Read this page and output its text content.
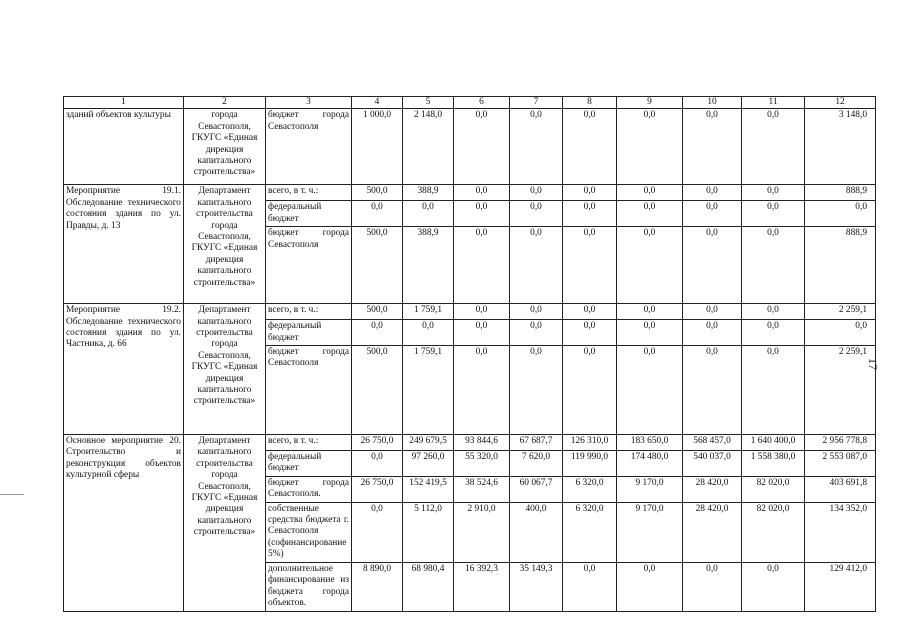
17
1	2	3	4	5	6	7	8	9	10	11	12
зданий объектов культуры	города Севастополя, ГКУГС «Единая дирекция капитального строительства»	бюджет города Севастополя	1 000,0	2 148,0	0,0	0,0	0,0	0,0	0,0	0,0	3 148,0
Мероприятие 19.1. Обследование технического состояния здания по ул. Правды, д. 13	Департамент капитального строительства города Севастополя, ГКУГС «Единая дирекция капитального строительства»	всего, в т. ч.:	500,0	388,9	0,0	0,0	0,0	0,0	0,0	0,0	888,9
		федеральный бюджет	0,0	0,0	0,0	0,0	0,0	0,0	0,0	0,0	0,0
		бюджет города Севастополя	500,0	388,9	0,0	0,0	0,0	0,0	0,0	0,0	888,9
Мероприятие 19.2. Обследование технического состояния здания по ул. Частника, д. 66	Департамент капитального строительства города Севастополя, ГКУГС «Единая дирекция капитального строительства»	всего, в т. ч.:	500,0	1 759,1	0,0	0,0	0,0	0,0	0,0	0,0	2 259,1
		федеральный бюджет	0,0	0,0	0,0	0,0	0,0	0,0	0,0	0,0	0,0
		бюджет города Севастополя	500,0	1 759,1	0,0	0,0	0,0	0,0	0,0	0,0	2 259,1
Основное мероприятие 20. Строительство и реконструкция объектов культурной сферы	Департамент капитального строительства города Севастополя, ГКУГС «Единая дирекция капитального строительства»	всего, в т. ч.:	26 750,0	249 679,5	93 844,6	67 687,7	126 310,0	183 650,0	568 457,0	1 640 400,0	2 956 778,8
		федеральный бюджет	0,0	97 260,0	55 320,0	7 620,0	119 990,0	174 480,0	540 037,0	1 558 380,0	2 553 087,0
		бюджет города Севастополя.	26 750,0	152 419,5	38 524,6	60 067,7	6 320,0	9 170,0	28 420,0	82 020,0	403 691,8
		собственные средства бюджета г. Севастополя (софинансирование 5%)	0,0	5 112,0	2 910,0	400,0	6 320,0	9 170,0	28 420,0	82 020,0	134 352,0
		дополнительное финансирование из бюджета города объектов.	8 890,0	68 980,4	16 392,3	35 149,3	0,0	0,0	0,0	0,0	129 412,0
